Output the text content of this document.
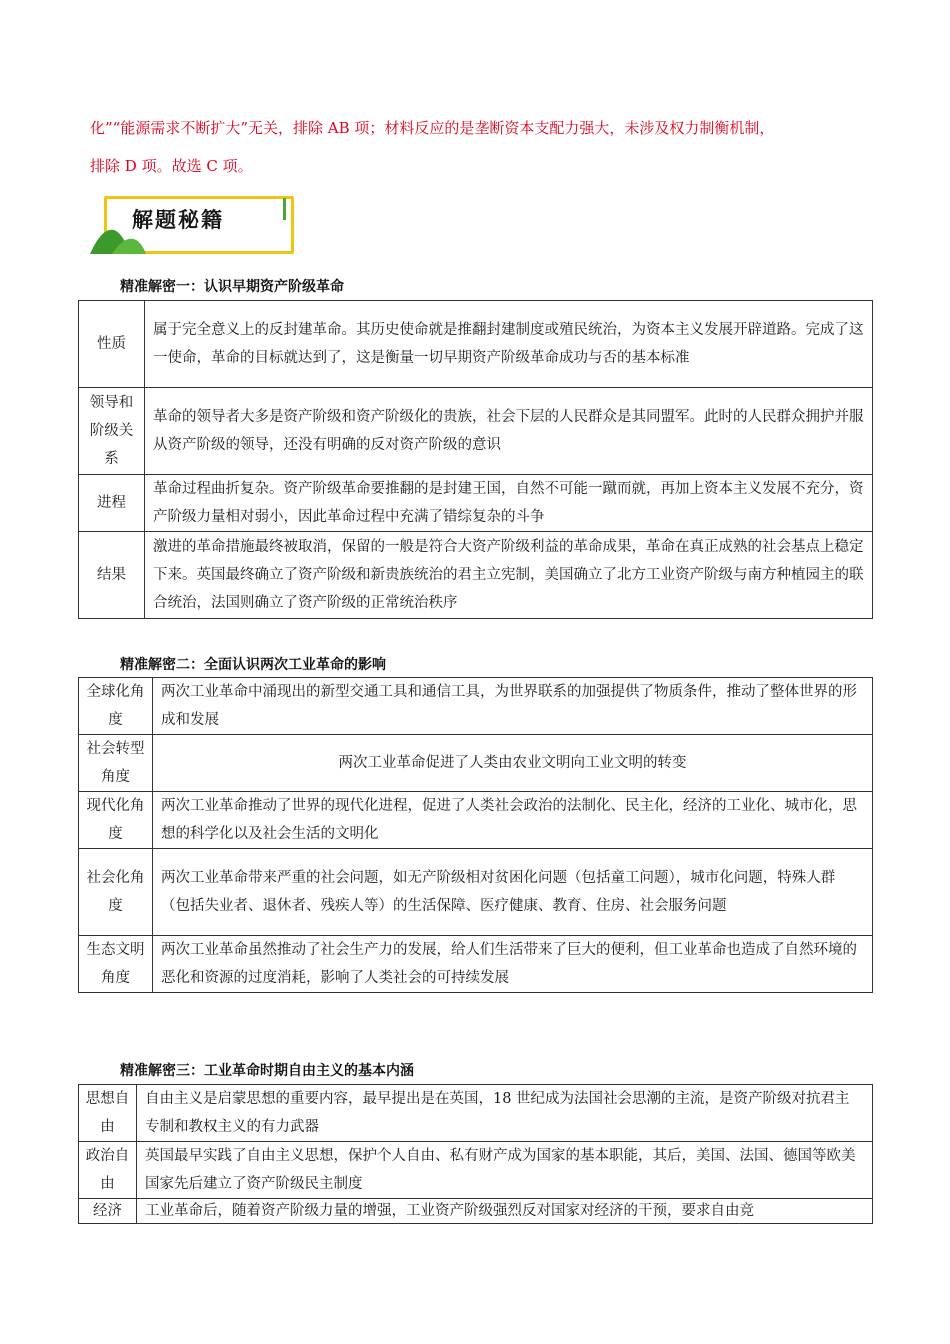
化”“能源需求不断扩大”无关，排除 AB 项；材料反应的是垄断资本支配力强大，未涉及权力制衡机制，
排除 D 项。故选 C 项。
解题秘籍
精准解密一：认识早期资产阶级革命
性质	属于完全意义上的反封建革命。其历史使命就是推翻封建制度或殖民统治，为资本主义发展开辟道路。完成了这一使命，革命的目标就达到了，这是衡量一切早期资产阶级革命成功与否的基本标准
领导和阶级关系	革命的领导者大多是资产阶级和资产阶级化的贵族，社会下层的人民群众是其同盟军。此时的人民群众拥护并服从资产阶级的领导，还没有明确的反对资产阶级的意识
进程	革命过程曲折复杂。资产阶级革命要推翻的是封建王国，自然不可能一蹴而就，再加上资本主义发展不充分，资产阶级力量相对弱小，因此革命过程中充满了错综复杂的斗争
结果	激进的革命措施最终被取消，保留的一般是符合大资产阶级利益的革命成果，革命在真正成熟的社会基点上稳定下来。英国最终确立了资产阶级和新贵族统治的君主立宪制，美国确立了北方工业资产阶级与南方种植园主的联合统治，法国则确立了资产阶级的正常统治秩序
精准解密二：全面认识两次工业革命的影响
全球化角度	两次工业革命中涌现出的新型交通工具和通信工具，为世界联系的加强提供了物质条件，推动了整体世界的形成和发展
社会转型角度	两次工业革命促进了人类由农业文明向工业文明的转变
现代化角度	两次工业革命推动了世界的现代化进程，促进了人类社会政治的法制化、民主化，经济的工业化、城市化，思想的科学化以及社会生活的文明化
社会化角度	两次工业革命带来严重的社会问题，如无产阶级相对贫困化问题（包括童工问题），城市化问题，特殊人群（包括失业者、退休者、残疾人等）的生活保障、医疗健康、教育、住房、社会服务问题
生态文明角度	两次工业革命虽然推动了社会生产力的发展，给人们生活带来了巨大的便利，但工业革命也造成了自然环境的恶化和资源的过度消耗，影响了人类社会的可持续发展
精准解密三：工业革命时期自由主义的基本内涵
思想自由	自由主义是启蒙思想的重要内容，最早提出是在英国，18 世纪成为法国社会思潮的主流，是资产阶级对抗君主专制和教权主义的有力武器
政治自由	英国最早实践了自由主义思想，保护个人自由、私有财产成为国家的基本职能，其后，美国、法国、德国等欧美国家先后建立了资产阶级民主制度
经济	工业革命后，随着资产阶级力量的增强，工业资产阶级强烈反对国家对经济的干预，要求自由竞
